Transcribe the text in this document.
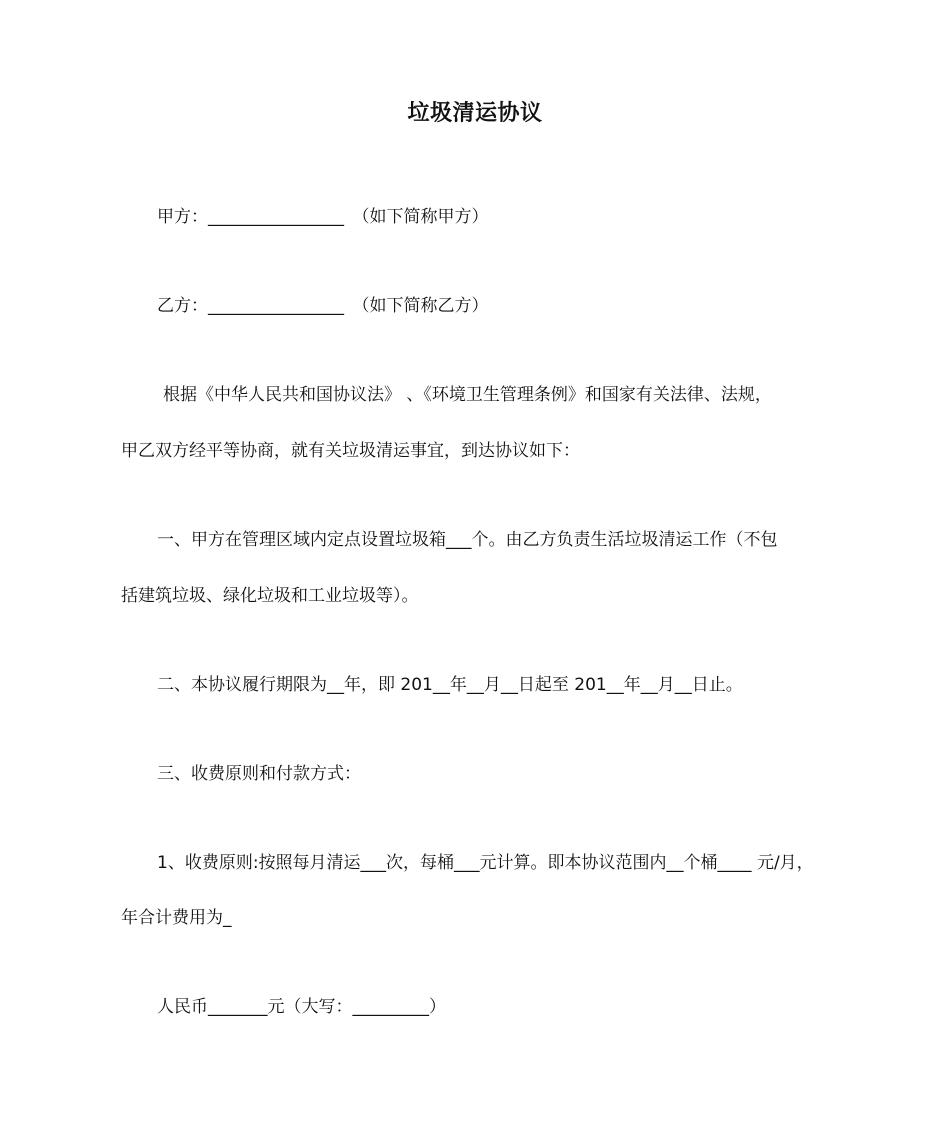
垃圾清运协议

甲方：________________　（如下简称甲方）

乙方：________________　（如下简称乙方）

根据《中华人民共和国协议法》 、《环境卫生管理条例》和国家有关法律、法规，

甲乙双方经平等协商，就有关垃圾清运事宜，到达协议如下：

一、甲方在管理区域内定点设置垃圾箱___个。由乙方负责生活垃圾清运工作（不包

括建筑垃圾、绿化垃圾和工业垃圾等）。

二、本协议履行期限为__年，即 201__年__月__日起至 201__年__月__日止。

三、收费原则和付款方式：

1、收费原则:按照每月清运___次，每桶___元计算。即本协议范围内__个桶____ 元/月，

年合计费用为_

人民币_______元（大写：_________）
